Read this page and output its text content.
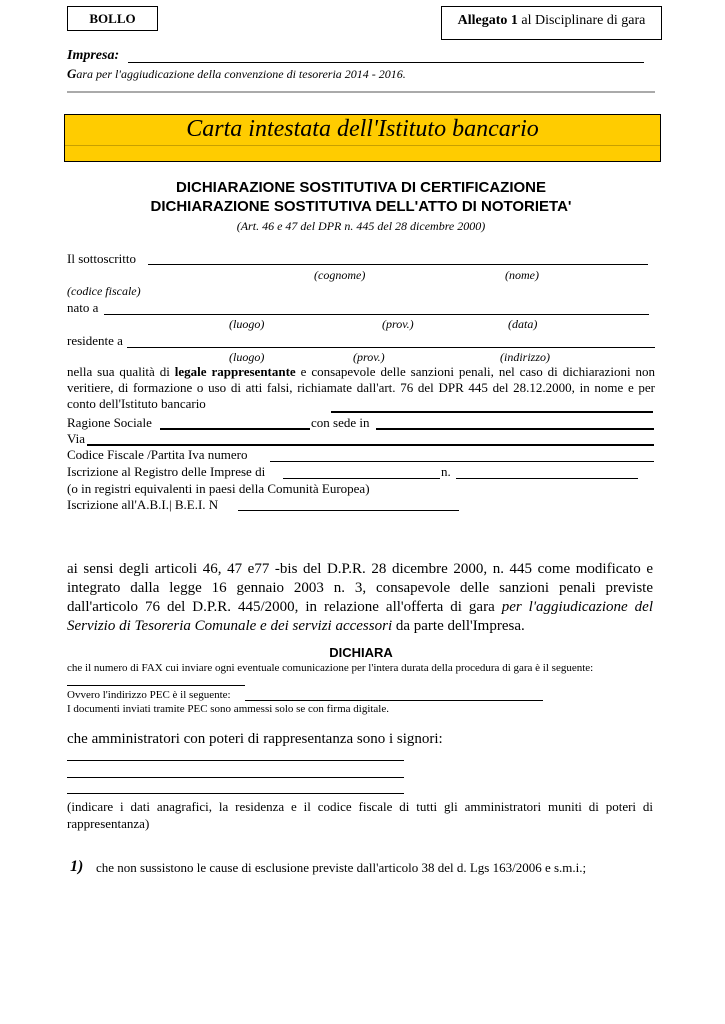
BOLLO	Allegato 1 al Disciplinare di gara
Impresa:
Gara per l'aggiudicazione della convenzione di tesoreria 2014 - 2016.
Carta intestata dell'Istituto bancario
DICHIARAZIONE SOSTITUTIVA DI CERTIFICAZIONE
DICHIARAZIONE SOSTITUTIVA DELL'ATTO DI NOTORIETA'
(Art. 46 e 47 del DPR n. 445 del 28 dicembre 2000)
Il sottoscritto
(cognome)	(nome)
(codice fiscale)
nato a
(luogo)	(prov.)	(data)
residente a
(luogo)	(prov.)	(indirizzo)
nella sua qualità di legale rappresentante e consapevole delle sanzioni penali, nel caso di dichiarazioni non veritiere, di formazione o uso di atti falsi, richiamate dall'art. 76 del DPR 445 del 28.12.2000, in nome e per conto dell'Istituto bancario
Ragione Sociale	con sede in
Via
Codice Fiscale /Partita Iva numero
Iscrizione al Registro delle Imprese di	n.
(o in registri equivalenti in paesi della Comunità Europea)
Iscrizione all'A.B.I.| B.E.I. N
ai sensi degli articoli 46, 47 e77 -bis del D.P.R. 28 dicembre 2000, n. 445 come modificato e integrato dalla legge 16 gennaio 2003 n. 3, consapevole delle sanzioni penali previste dall'articolo 76 del D.P.R. 445/2000, in relazione all'offerta di gara per l'aggiudicazione del Servizio di Tesoreria Comunale e dei servizi accessori da parte dell'Impresa.
DICHIARA
che il numero di FAX cui inviare ogni eventuale comunicazione per l'intera durata della procedura di gara è il seguente:
Ovvero l'indirizzo PEC è il seguente:
I documenti inviati tramite PEC sono ammessi solo se con firma digitale.
che amministratori con poteri di rappresentanza sono i signori:
(indicare i dati anagrafici, la residenza e il codice fiscale di tutti gli amministratori muniti di poteri di rappresentanza)
1) che non sussistono le cause di esclusione previste dall'articolo 38 del d. Lgs 163/2006 e s.m.i.;
